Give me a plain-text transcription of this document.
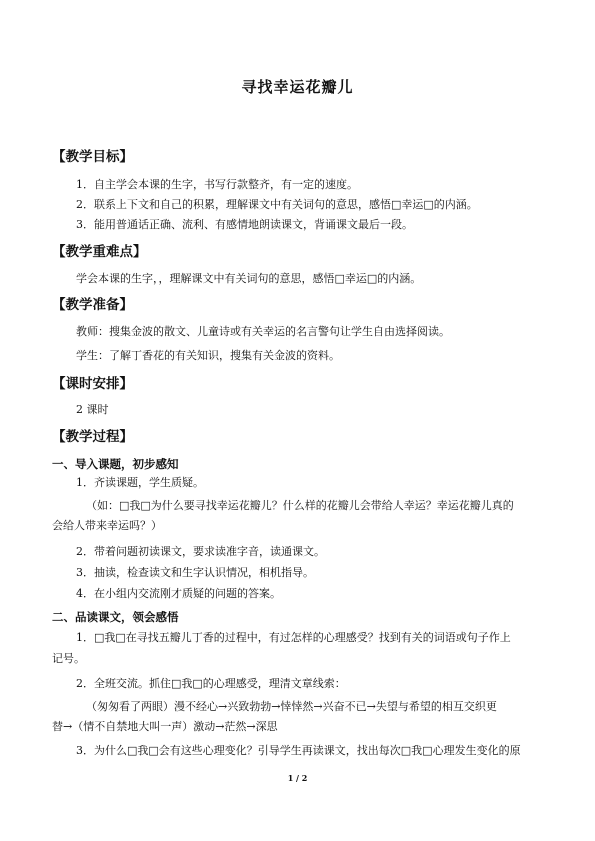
寻找幸运花瓣儿
【教学目标】
1．自主学会本课的生字，书写行款整齐，有一定的速度。
2．联系上下文和自己的积累，理解课文中有关词句的意思，感悟□幸运□的内涵。
3．能用普通话正确、流利、有感情地朗读课文，背诵课文最后一段。
【教学重难点】
学会本课的生字，，理解课文中有关词句的意思，感悟□幸运□的内涵。
【教学准备】
教师：搜集金波的散文、儿童诗或有关幸运的名言警句让学生自由选择阅读。
学生：了解丁香花的有关知识，搜集有关金波的资料。
【课时安排】
2 课时
【教学过程】
一、导入课题，初步感知
1．齐读课题，学生质疑。
（如：□我□为什么要寻找幸运花瓣儿？什么样的花瓣儿会带给人幸运？幸运花瓣儿真的
会给人带来幸运吗？）
2．带着问题初读课文，要求读准字音，读通课文。
3．抽读，检查读文和生字认识情况，相机指导。
4．在小组内交流刚才质疑的问题的答案。
二、品读课文，领会感悟
1．□我□在寻找五瓣儿丁香的过程中，有过怎样的心理感受？找到有关的词语或句子作上
记号。
2．全班交流。抓住□我□的心理感受，理清文章线索：
（匆匆看了两眼）漫不经心→兴致勃勃→悻悻然→兴奋不已→失望与希望的相互交织更
替→（情不自禁地大叫一声）激动→茫然→深思
3．为什么□我□会有这些心理变化？引导学生再读课文，找出每次□我□心理发生变化的原
1 / 2
